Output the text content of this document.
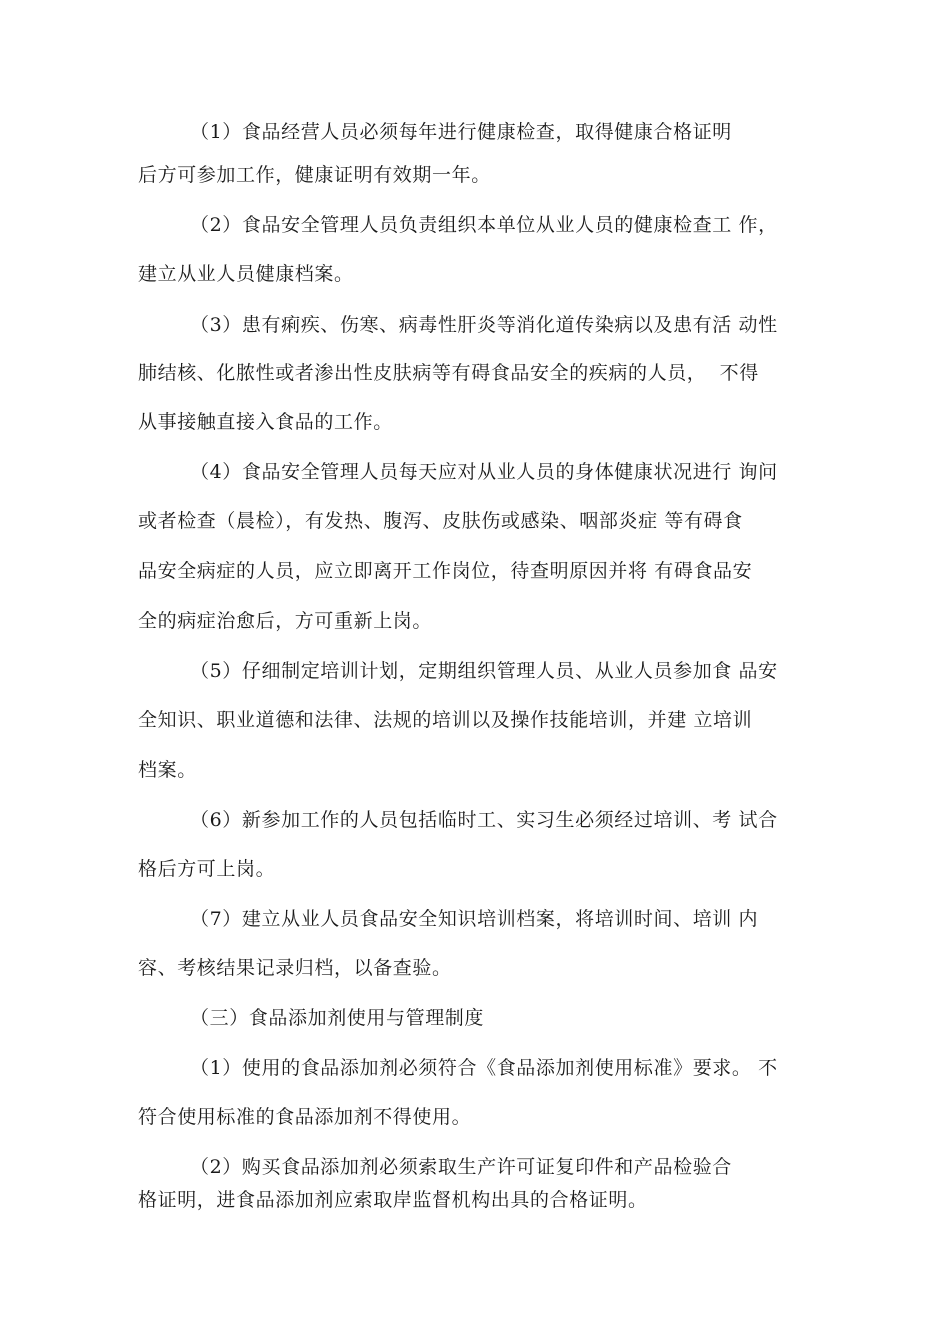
（1）食品经营人员必须每年进行健康检查，取得健康合格证明
后方可参加工作，健康证明有效期一年。
（2）食品安全管理人员负责组织本单位从业人员的健康检查工 作，
建立从业人员健康档案。
（3）患有痢疾、伤寒、病毒性肝炎等消化道传染病以及患有活 动性
肺结核、化脓性或者渗出性皮肤病等有碍食品安全的疾病的人员，  不得
从事接触直接入食品的工作。
（4）食品安全管理人员每天应对从业人员的身体健康状况进行 询问
或者检查（晨检），有发热、腹泻、皮肤伤或感染、咽部炎症 等有碍食
品安全病症的人员，应立即离开工作岗位，待查明原因并将 有碍食品安
全的病症治愈后，方可重新上岗。
（5）仔细制定培训计划，定期组织管理人员、从业人员参加食 品安
全知识、职业道德和法律、法规的培训以及操作技能培训，并建 立培训
档案。
（6）新参加工作的人员包括临时工、实习生必须经过培训、考 试合
格后方可上岗。
（7）建立从业人员食品安全知识培训档案，将培训时间、培训 内
容、考核结果记录归档，以备查验。
（三）食品添加剂使用与管理制度
（1）使用的食品添加剂必须符合《食品添加剂使用标准》要求。 不
符合使用标准的食品添加剂不得使用。
（2）购买食品添加剂必须索取生产许可证复印件和产品检验合
格证明，进食品添加剂应索取岸监督机构出具的合格证明。
